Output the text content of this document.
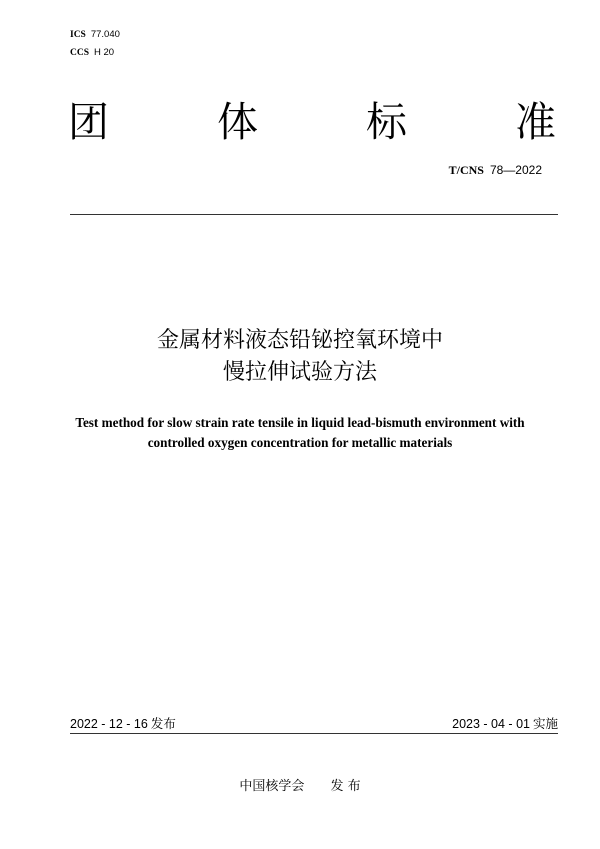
ICS 77.040
CCS H 20
团	体	标	准
T/CNS 78—2022
金属材料液态铅铋控氧环境中
慢拉伸试验方法
Test method for slow strain rate tensile in liquid lead-bismuth environment with
controlled oxygen concentration for metallic materials
2022 - 12 - 16 发布	2023 - 04 - 01 实施
中国核学会 发 布
